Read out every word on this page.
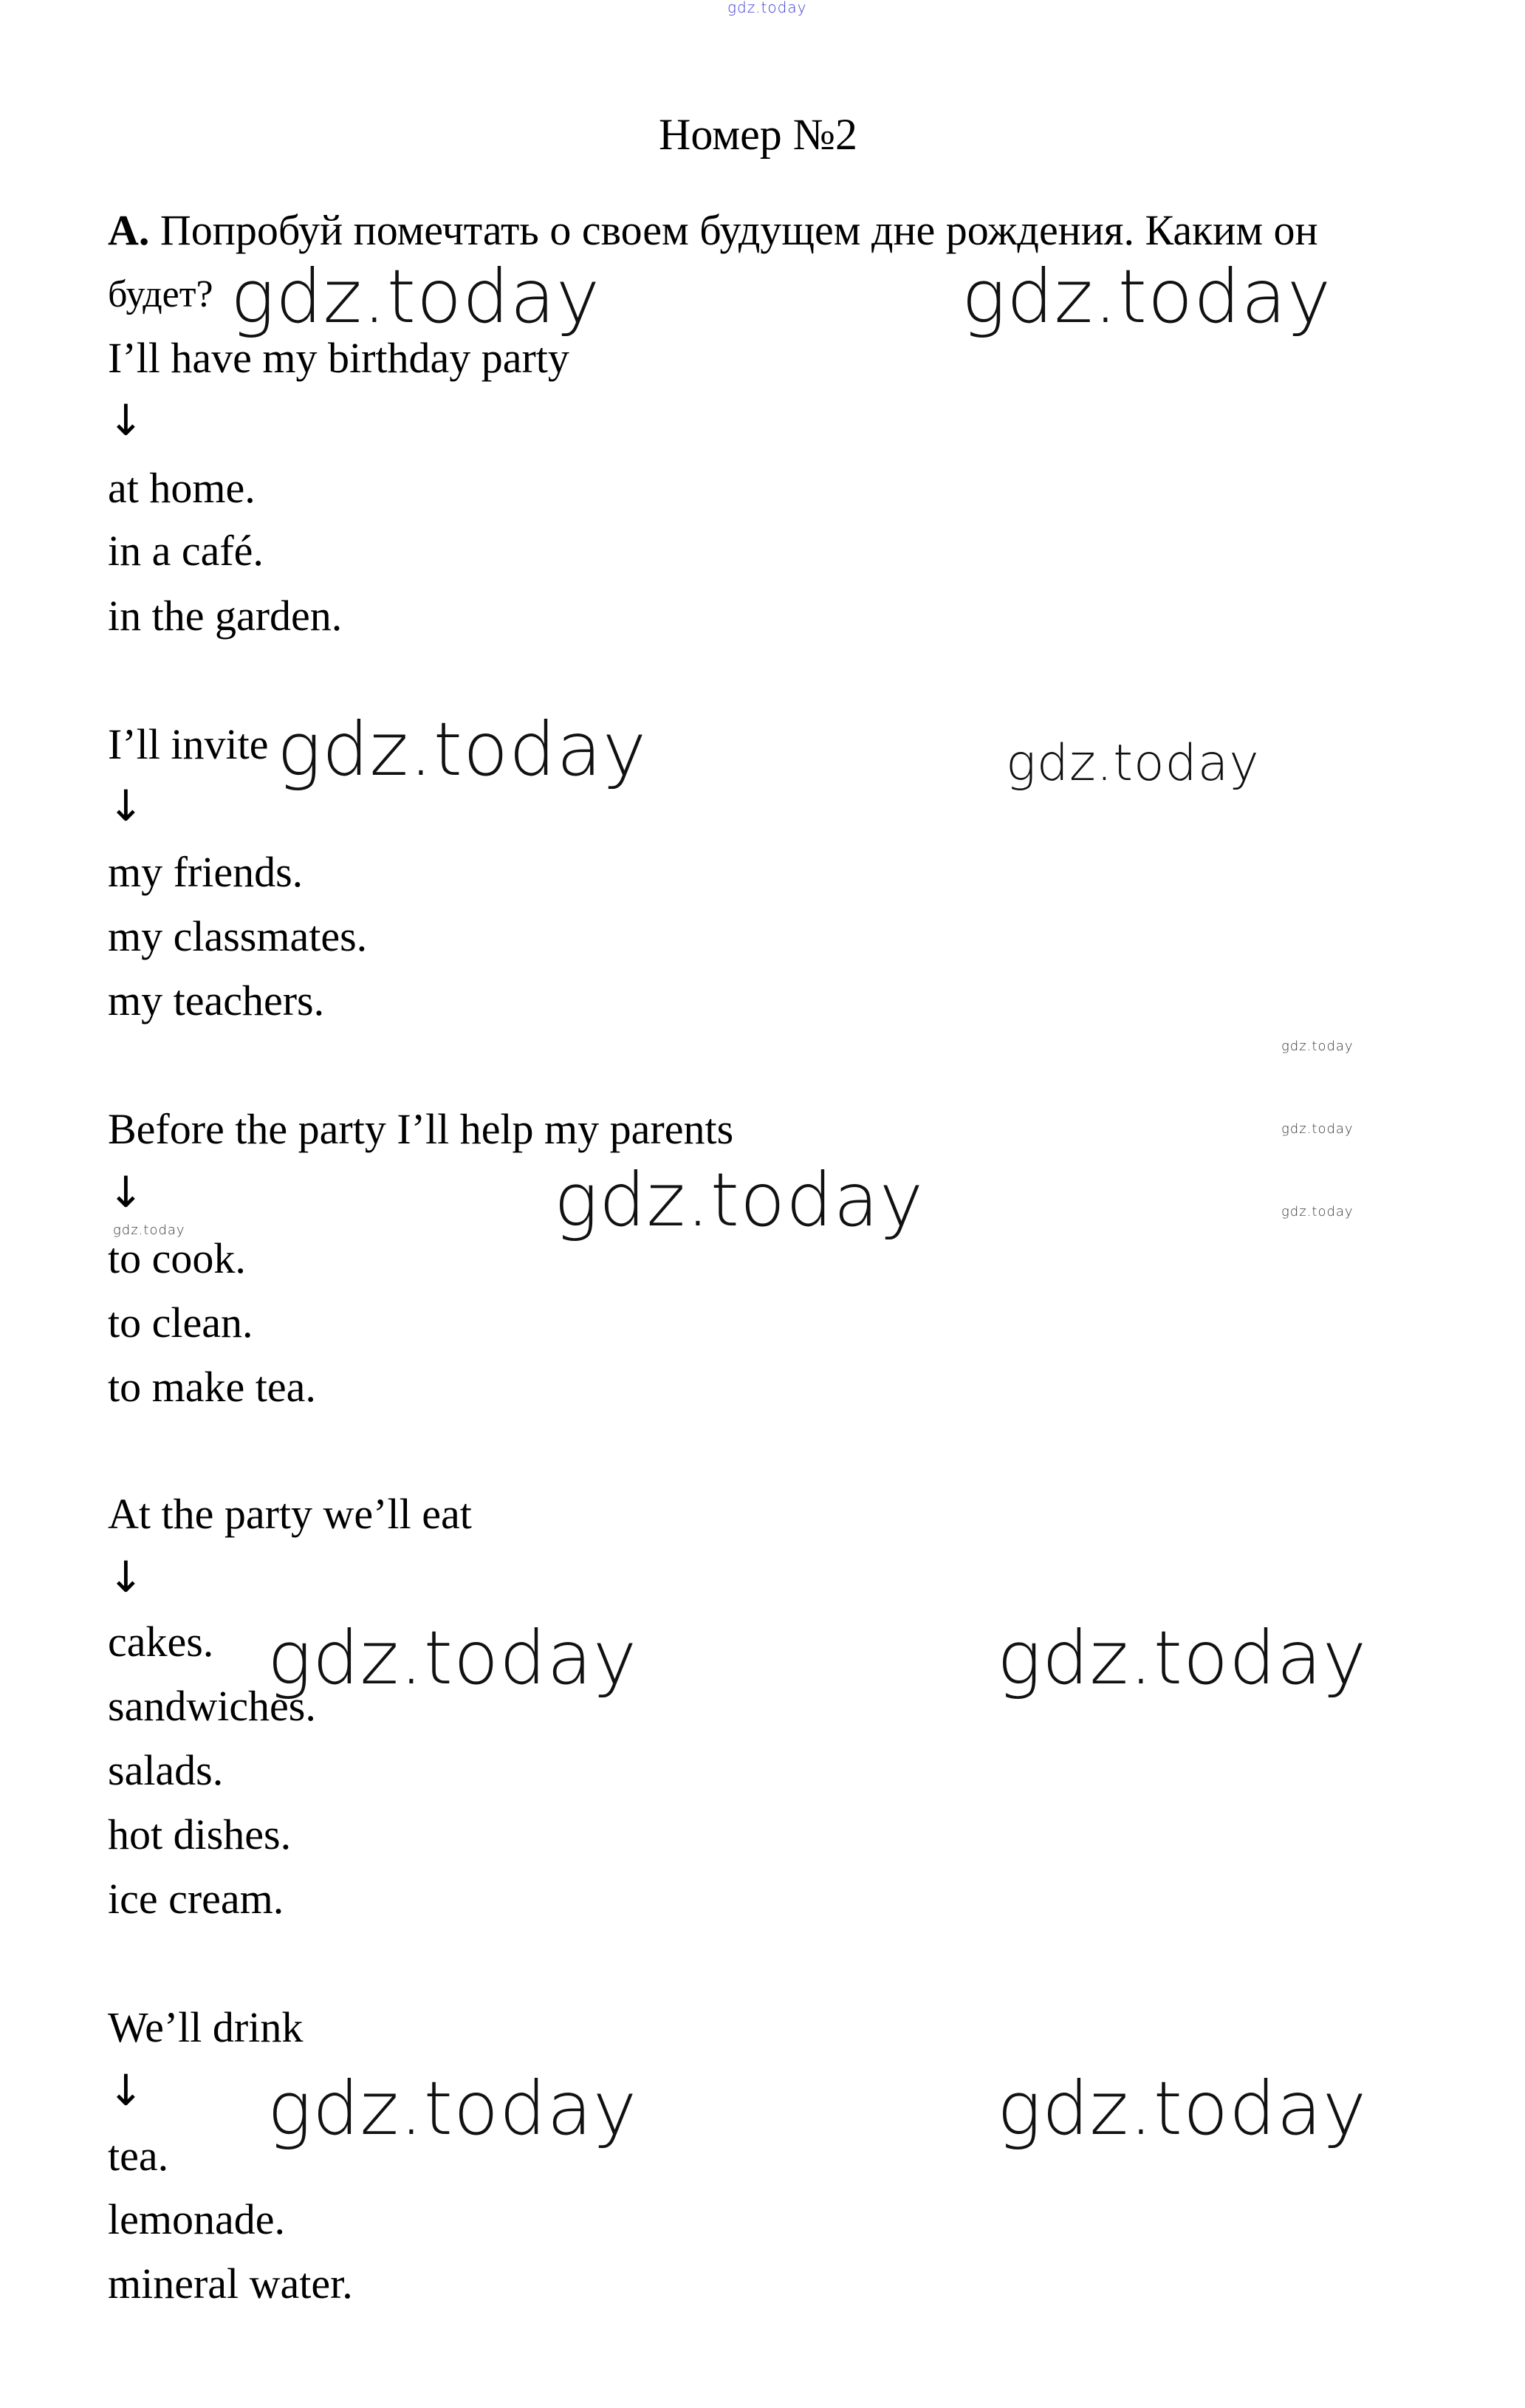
gdz.today
Номер №2
A. Попробуй помечтать о своем будущем дне рождения. Каким он
будет?
I’ll have my birthday party
↓
at home.
in a café.
in the garden.
I’ll invite
↓
my friends.
my classmates.
my teachers.
Before the party I’ll help my parents
↓
to cook.
to clean.
to make tea.
At the party we’ll eat
↓
cakes.
sandwiches.
salads.
hot dishes.
ice cream.
We’ll drink
↓
tea.
lemonade.
mineral water.
gdz.today	gdz.today
gdz.today	gdz.today
gdz.today
gdz.today	gdz.today
gdz.today	gdz.today
gdz.today
gdz.today
gdz.today
gdz.today
